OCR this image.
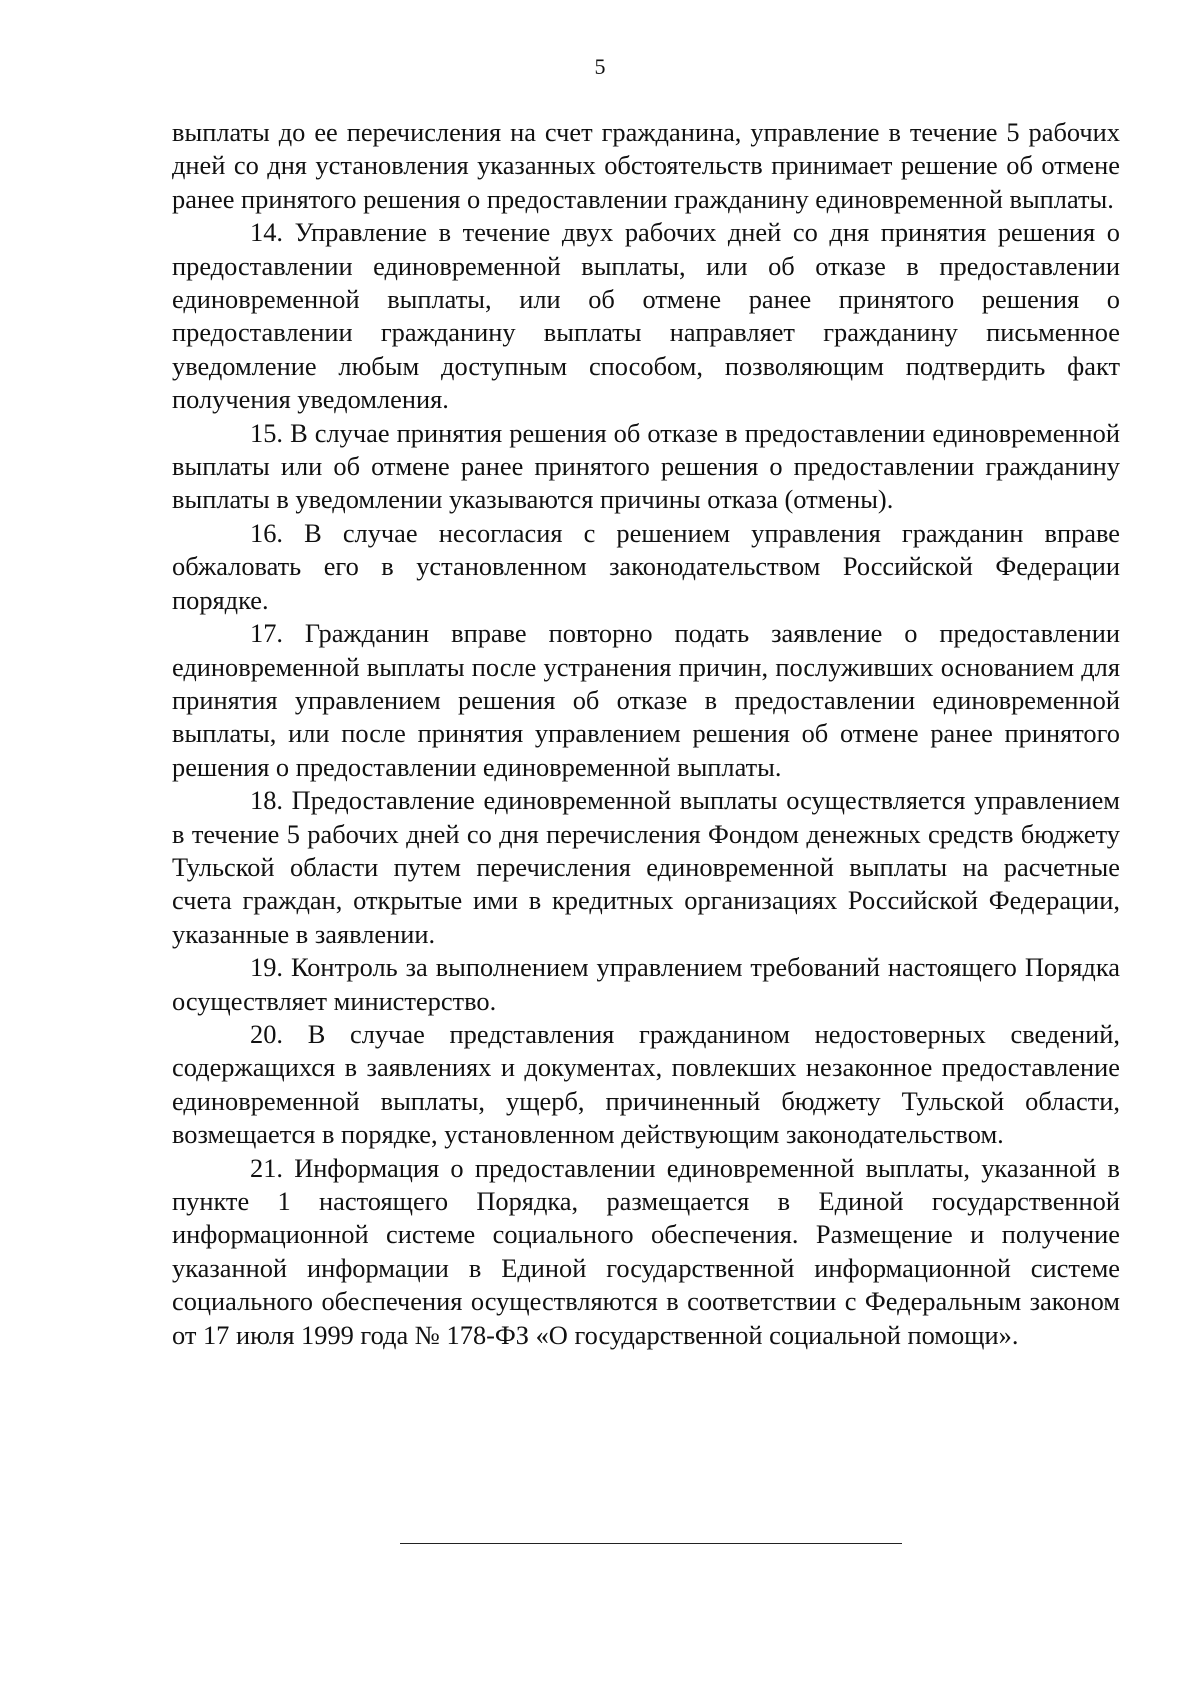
5

выплаты до ее перечисления на счет гражданина, управление в течение 5 рабочих дней со дня установления указанных обстоятельств принимает решение об отмене ранее принятого решения о предоставлении гражданину единовременной выплаты.

14. Управление в течение двух рабочих дней со дня принятия решения о предоставлении единовременной выплаты, или об отказе в предоставлении единовременной выплаты, или об отмене ранее принятого решения о предоставлении гражданину выплаты направляет гражданину письменное уведомление любым доступным способом, позволяющим подтвердить факт получения уведомления.

15. В случае принятия решения об отказе в предоставлении единовременной выплаты или об отмене ранее принятого решения о предоставлении гражданину выплаты в уведомлении указываются причины отказа (отмены).

16. В случае несогласия с решением управления гражданин вправе обжаловать его в установленном законодательством Российской Федерации порядке.

17. Гражданин вправе повторно подать заявление о предоставлении единовременной выплаты после устранения причин, послуживших основанием для принятия управлением решения об отказе в предоставлении единовременной выплаты, или после принятия управлением решения об отмене ранее принятого решения о предоставлении единовременной выплаты.

18. Предоставление единовременной выплаты осуществляется управлением в течение 5 рабочих дней со дня перечисления Фондом денежных средств бюджету Тульской области путем перечисления единовременной выплаты на расчетные счета граждан, открытые ими в кредитных организациях Российской Федерации, указанные в заявлении.

19. Контроль за выполнением управлением требований настоящего Порядка осуществляет министерство.

20. В случае представления гражданином недостоверных сведений, содержащихся в заявлениях и документах, повлекших незаконное предоставление единовременной выплаты, ущерб, причиненный бюджету Тульской области, возмещается в порядке, установленном действующим законодательством.

21. Информация о предоставлении единовременной выплаты, указанной в пункте 1 настоящего Порядка, размещается в Единой государственной информационной системе социального обеспечения. Размещение и получение указанной информации в Единой государственной информационной системе социального обеспечения осуществляются в соответствии с Федеральным законом от 17 июля 1999 года № 178-ФЗ «О государственной социальной помощи».
